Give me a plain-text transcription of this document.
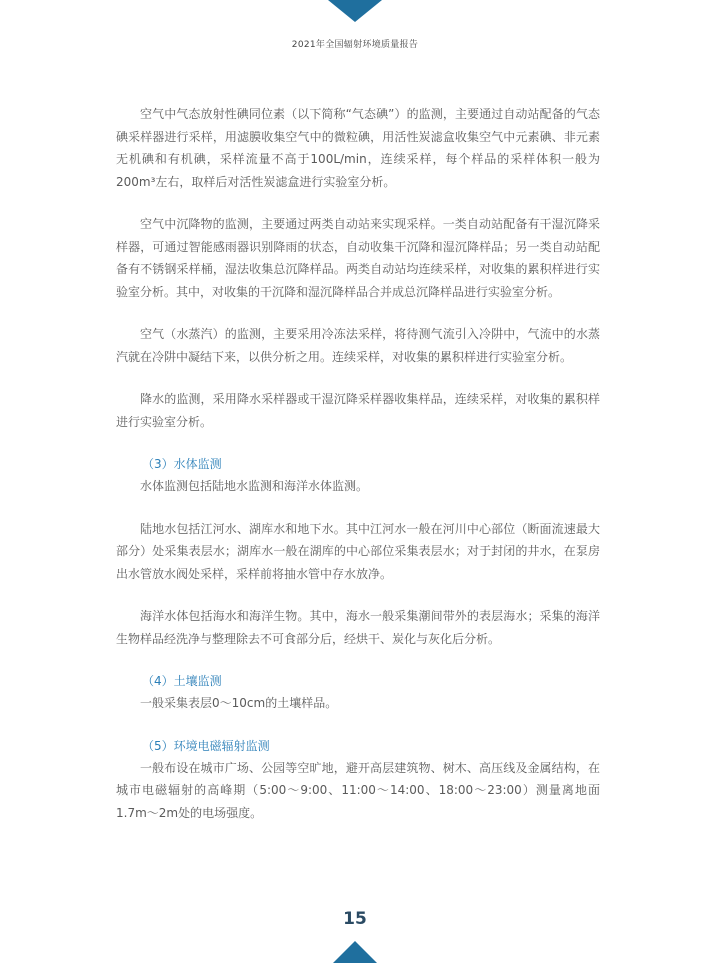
2021年全国辐射环境质量报告

空气中气态放射性碘同位素（以下简称“气态碘”）的监测，主要通过自动站配备的气态碘采样器进行采样，用滤膜收集空气中的微粒碘，用活性炭滤盒收集空气中元素碘、非元素无机碘和有机碘，采样流量不高于100L/min，连续采样，每个样品的采样体积一般为200m³左右，取样后对活性炭滤盒进行实验室分析。

空气中沉降物的监测，主要通过两类自动站来实现采样。一类自动站配备有干湿沉降采样器，可通过智能感雨器识别降雨的状态，自动收集干沉降和湿沉降样品；另一类自动站配备有不锈钢采样桶，湿法收集总沉降样品。两类自动站均连续采样，对收集的累积样进行实验室分析。其中，对收集的干沉降和湿沉降样品合并成总沉降样品进行实验室分析。

空气（水蒸汽）的监测，主要采用冷冻法采样，将待测气流引入冷阱中，气流中的水蒸汽就在冷阱中凝结下来，以供分析之用。连续采样，对收集的累积样进行实验室分析。

降水的监测，采用降水采样器或干湿沉降采样器收集样品，连续采样，对收集的累积样进行实验室分析。

（3）水体监测

水体监测包括陆地水监测和海洋水体监测。

陆地水包括江河水、湖库水和地下水。其中江河水一般在河川中心部位（断面流速最大部分）处采集表层水；湖库水一般在湖库的中心部位采集表层水；对于封闭的井水，在泵房出水管放水阀处采样，采样前将抽水管中存水放净。

海洋水体包括海水和海洋生物。其中，海水一般采集潮间带外的表层海水；采集的海洋生物样品经洗净与整理除去不可食部分后，经烘干、炭化与灰化后分析。

（4）土壤监测

一般采集表层0～10cm的土壤样品。

（5）环境电磁辐射监测

一般布设在城市广场、公园等空旷地，避开高层建筑物、树木、高压线及金属结构，在城市电磁辐射的高峰期（5:00～9:00、11:00～14:00、18:00～23:00）测量离地面1.7m～2m处的电场强度。

15
